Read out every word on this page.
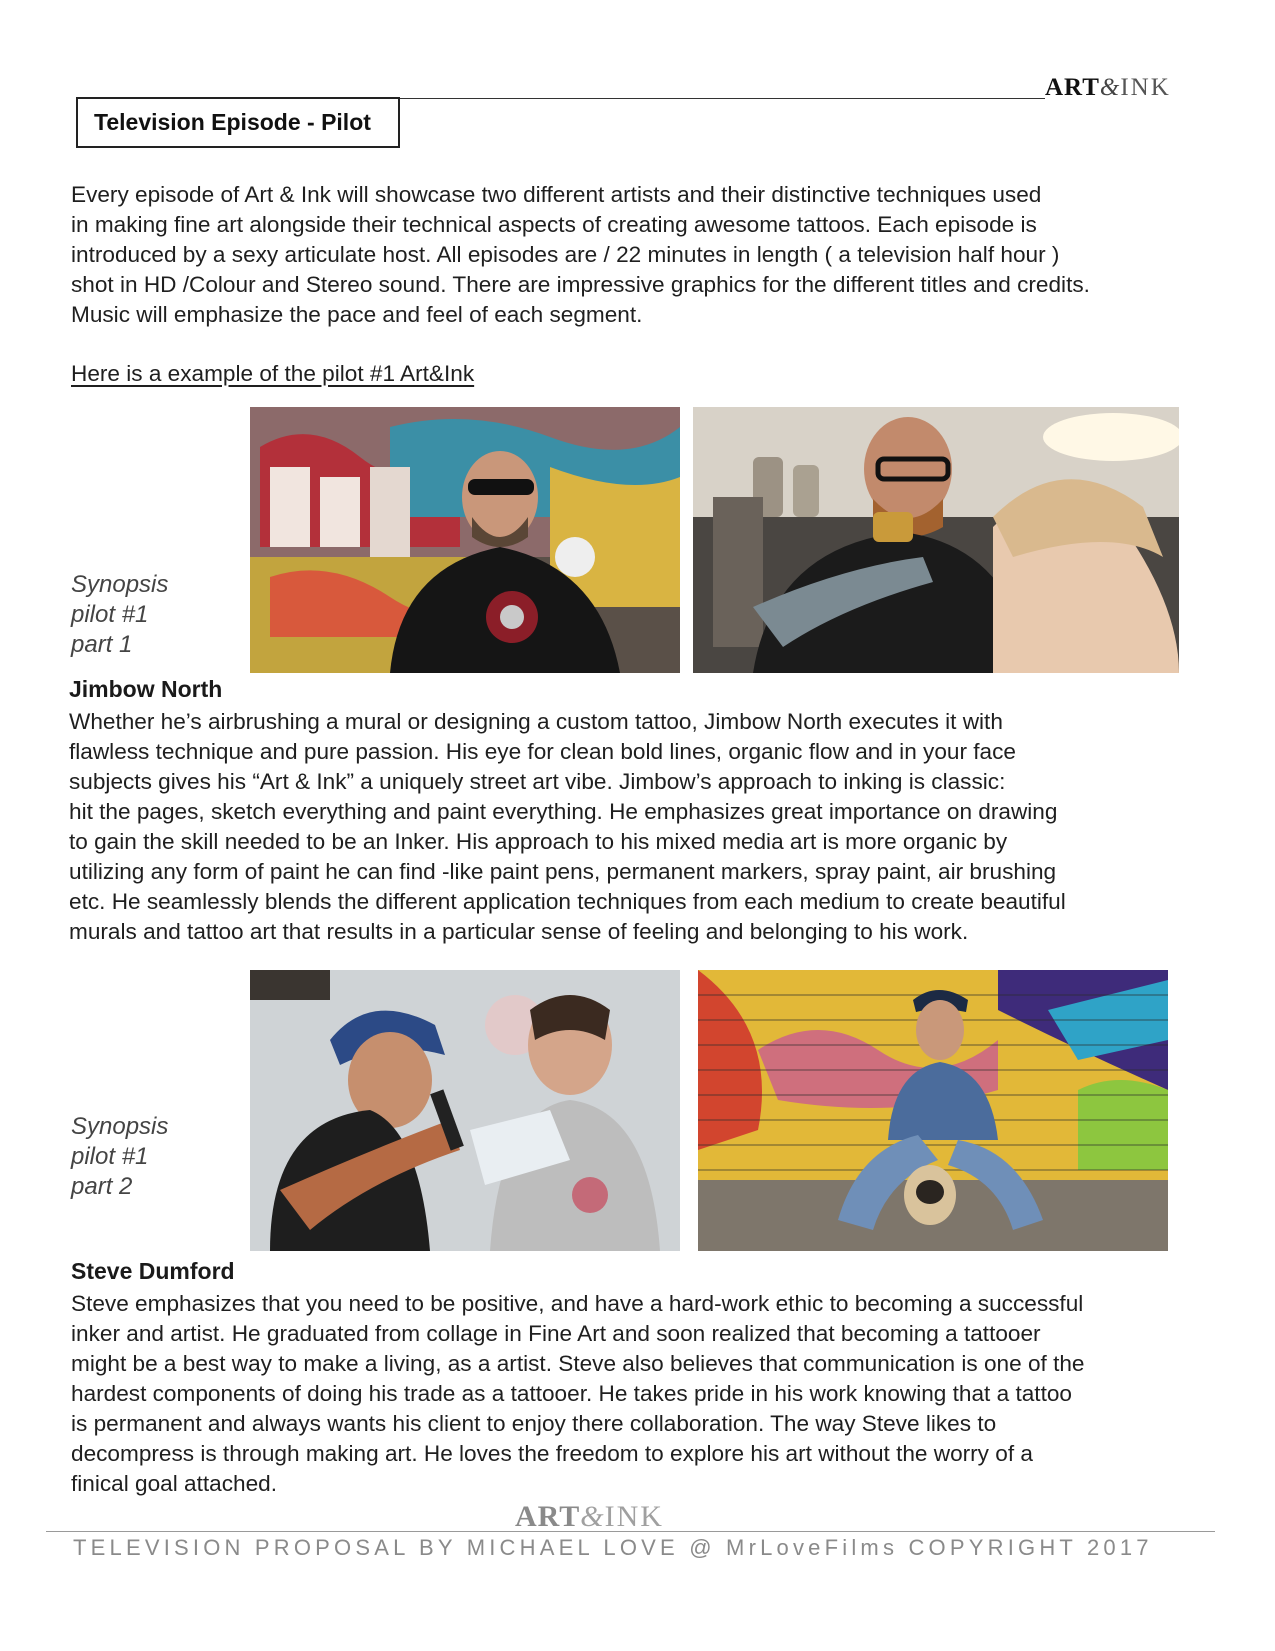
ART&INK
Television Episode - Pilot

Every episode of Art & Ink will showcase two different artists and their distinctive techniques used
in making fine art alongside their technical aspects of creating awesome tattoos. Each episode is
introduced by a sexy articulate host. All episodes are / 22 minutes in length ( a television half hour )
shot in HD /Colour and Stereo sound. There are impressive graphics for the different titles and credits.
Music will emphasize the pace and feel of each segment.

Here is a example of the pilot #1 Art&Ink
Synopsis
pilot #1
part 1
Jimbow North

Whether he’s airbrushing a mural or designing a custom tattoo, Jimbow North executes it with
flawless technique and pure passion. His eye for clean bold lines, organic flow and in your face
subjects gives his “Art & Ink” a uniquely street art vibe. Jimbow’s approach to inking is classic:
hit the pages, sketch everything and paint everything. He emphasizes great importance on drawing
to gain the skill needed to be an Inker. His approach to his mixed media art is more organic by
utilizing any form of paint he can find -like paint pens, permanent markers, spray paint, air brushing
etc. He seamlessly blends the different application techniques from each medium to create beautiful
murals and tattoo art that results in a particular sense of feeling and belonging to his work.

Synopsis
pilot #1
part 2
Steve Dumford

Steve emphasizes that you need to be positive, and have a hard-work ethic to becoming a successful
inker and artist. He graduated from collage in Fine Art and soon realized that becoming a tattooer
might be a best way to make a living, as a artist. Steve also believes that communication is one of the
hardest components of doing his trade as a tattooer. He takes pride in his work knowing that a tattoo
is permanent and always wants his client to enjoy there collaboration. The way Steve likes to
decompress is through making art. He loves the freedom to explore his art without the worry of a
finical goal attached.

ART&INK
TELEVISION PROPOSAL BY MICHAEL LOVE @ MrLoveFilms COPYRIGHT 2017
